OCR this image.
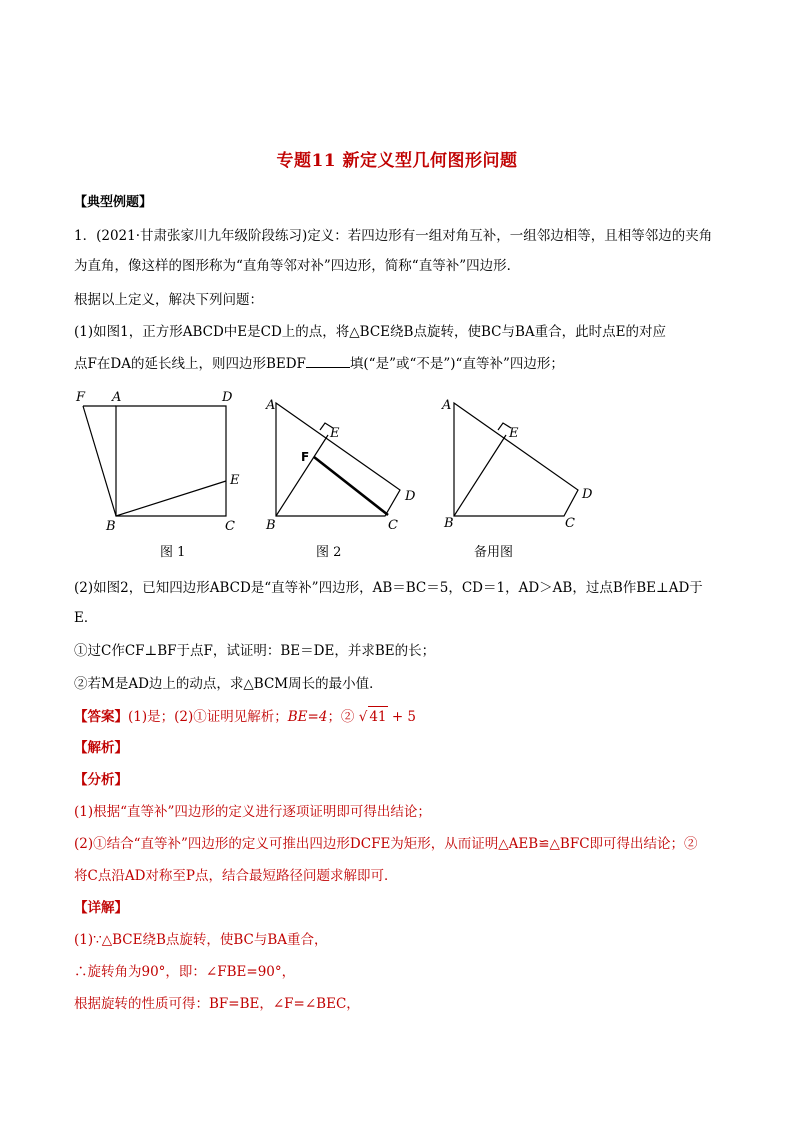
专题11 新定义型几何图形问题
【典型例题】
1．(2021·甘肃张家川九年级阶段练习)定义：若四边形有一组对角互补，一组邻边相等，且相等邻边的夹角
为直角，像这样的图形称为“直角等邻对补”四边形，简称“直等补”四边形．
根据以上定义，解决下列问题：
(1)如图1，正方形ABCD中E是CD上的点，将△BCE绕B点旋转，使BC与BA重合，此时点E的对应
点F在DA的延长线上，则四边形BEDF	填(“是”或“不是”)“直等补”四边形；
F A	D
E
B	C
A
E
F
D
B	C
A
E
D
B	C
图 1	图 2	备用图
(2)如图2，已知四边形ABCD是“直等补”四边形，AB＝BC＝5，CD＝1，AD＞AB，过点B作BE⊥AD于
E．
①过C作CF⊥BF于点F，试证明：BE＝DE，并求BE的长；
②若M是AD边上的动点，求△BCM周长的最小值．
【答案】(1)是；(2)①证明见解析；BE=4；② √ 41 + 5
【解析】
【分析】
(1)根据“直等补”四边形的定义进行逐项证明即可得出结论；
(2)①结合“直等补”四边形的定义可推出四边形DCFE为矩形，从而证明△AEB≌△BFC即可得出结论；②
将C点沿AD对称至P点，结合最短路径问题求解即可．
【详解】
(1)∵△BCE绕B点旋转，使BC与BA重合，
∴旋转角为90°，即：∠FBE=90°，
根据旋转的性质可得：BF=BE，∠F=∠BEC，
